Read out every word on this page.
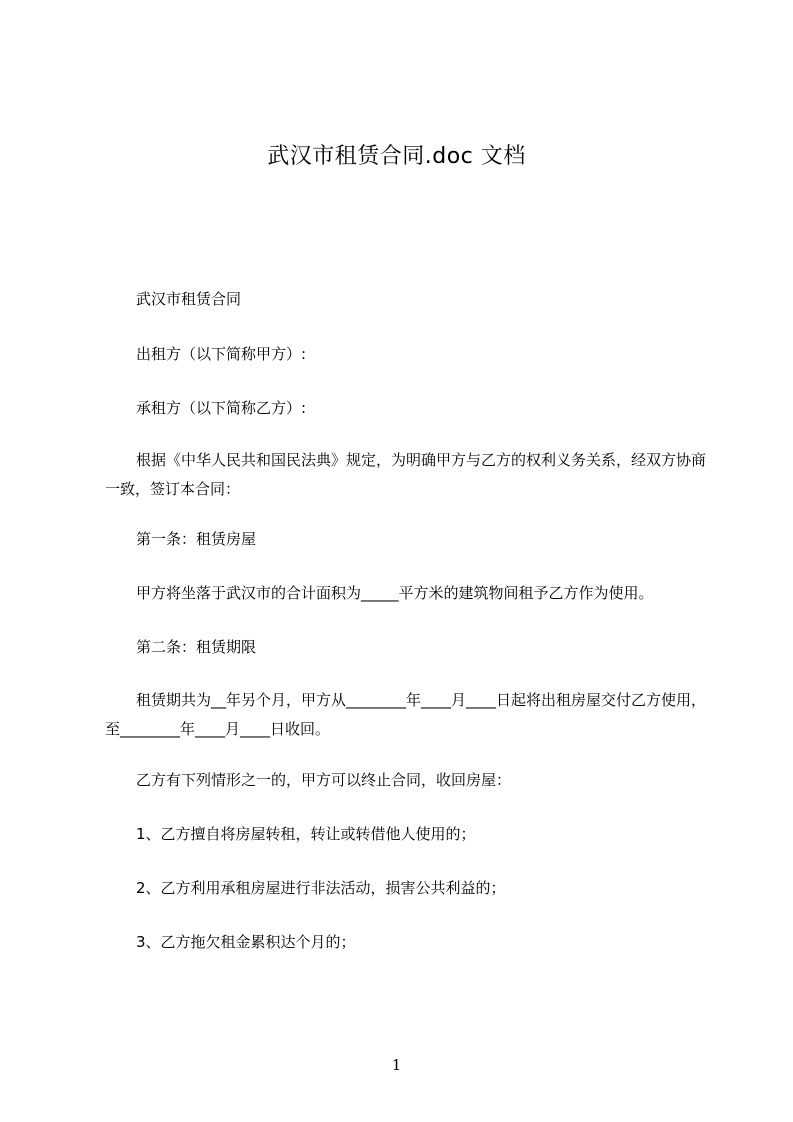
武汉市租赁合同.doc 文档
武汉市租赁合同
出租方（以下简称甲方）:
承租方（以下简称乙方）:
根据《中华人民共和国民法典》规定，为明确甲方与乙方的权利义务关系，经双方协商一致，签订本合同：
第一条：租赁房屋
甲方将坐落于武汉市的合计面积为_____平方米的建筑物间租予乙方作为使用。
第二条：租赁期限
租赁期共为__年另个月，甲方从________年____月____日起将出租房屋交付乙方使用，至________年____月____日收回。
乙方有下列情形之一的，甲方可以终止合同，收回房屋：
1、乙方擅自将房屋转租，转让或转借他人使用的；
2、乙方利用承租房屋进行非法活动，损害公共利益的；
3、乙方拖欠租金累积达个月的；
1
